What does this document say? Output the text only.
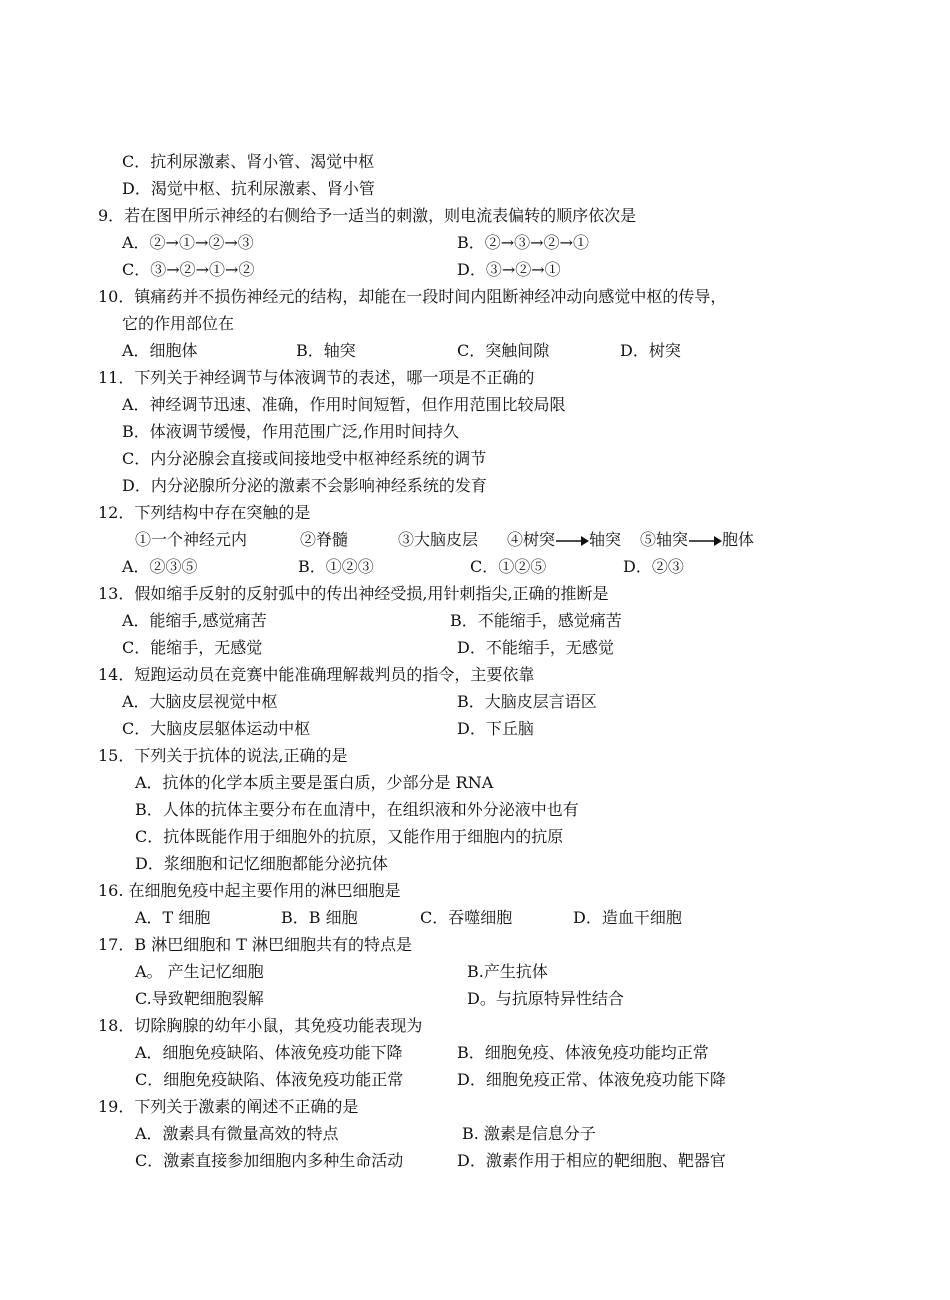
C．抗利尿激素、肾小管、渴觉中枢
D．渴觉中枢、抗利尿激素、肾小管
9．若在图甲所示神经的右侧给予一适当的刺激，则电流表偏转的顺序依次是
A．②→①→②→③	B．②→③→②→①
C．③→②→①→②	D．③→②→①
10．镇痛药并不损伤神经元的结构，却能在一段时间内阻断神经冲动向感觉中枢的传导，
它的作用部位在
A．细胞体	B．轴突	C．突触间隙	D．树突
11．下列关于神经调节与体液调节的表述，哪一项是不正确的
A．神经调节迅速、准确，作用时间短暂，但作用范围比较局限
B．体液调节缓慢，作用范围广泛,作用时间持久
C．内分泌腺会直接或间接地受中枢神经系统的调节
D．内分泌腺所分泌的激素不会影响神经系统的发育
12．下列结构中存在突触的是
①一个神经元内	②脊髓	③大脑皮层 ④树突 轴突 ⑤轴突 胞体
A．②③⑤	B．①②③	C．①②⑤	D．②③
13．假如缩手反射的反射弧中的传出神经受损,用针刺指尖,正确的推断是
A．能缩手,感觉痛苦	B．不能缩手，感觉痛苦
C．能缩手，无感觉	D．不能缩手，无感觉
14．短跑运动员在竞赛中能准确理解裁判员的指令，主要依靠
A．大脑皮层视觉中枢	B．大脑皮层言语区
C．大脑皮层躯体运动中枢	D．下丘脑
15．下列关于抗体的说法,正确的是
A．抗体的化学本质主要是蛋白质，少部分是 RNA
B．人体的抗体主要分布在血清中，在组织液和外分泌液中也有
C．抗体既能作用于细胞外的抗原，又能作用于细胞内的抗原
D．浆细胞和记忆细胞都能分泌抗体
16. 在细胞免疫中起主要作用的淋巴细胞是
A．T 细胞	B．B 细胞	C．吞噬细胞	D．造血干细胞
17．B 淋巴细胞和 T 淋巴细胞共有的特点是
A。 产生记忆细胞	B.产生抗体
C.导致靶细胞裂解	D。与抗原特异性结合
18．切除胸腺的幼年小鼠，其免疫功能表现为
A．细胞免疫缺陷、体液免疫功能下降	B．细胞免疫、体液免疫功能均正常
C．细胞免疫缺陷、体液免疫功能正常	D．细胞免疫正常、体液免疫功能下降
19．下列关于激素的阐述不正确的是
A．激素具有微量高效的特点	B. 激素是信息分子
C．激素直接参加细胞内多种生命活动	D．激素作用于相应的靶细胞、靶器官
